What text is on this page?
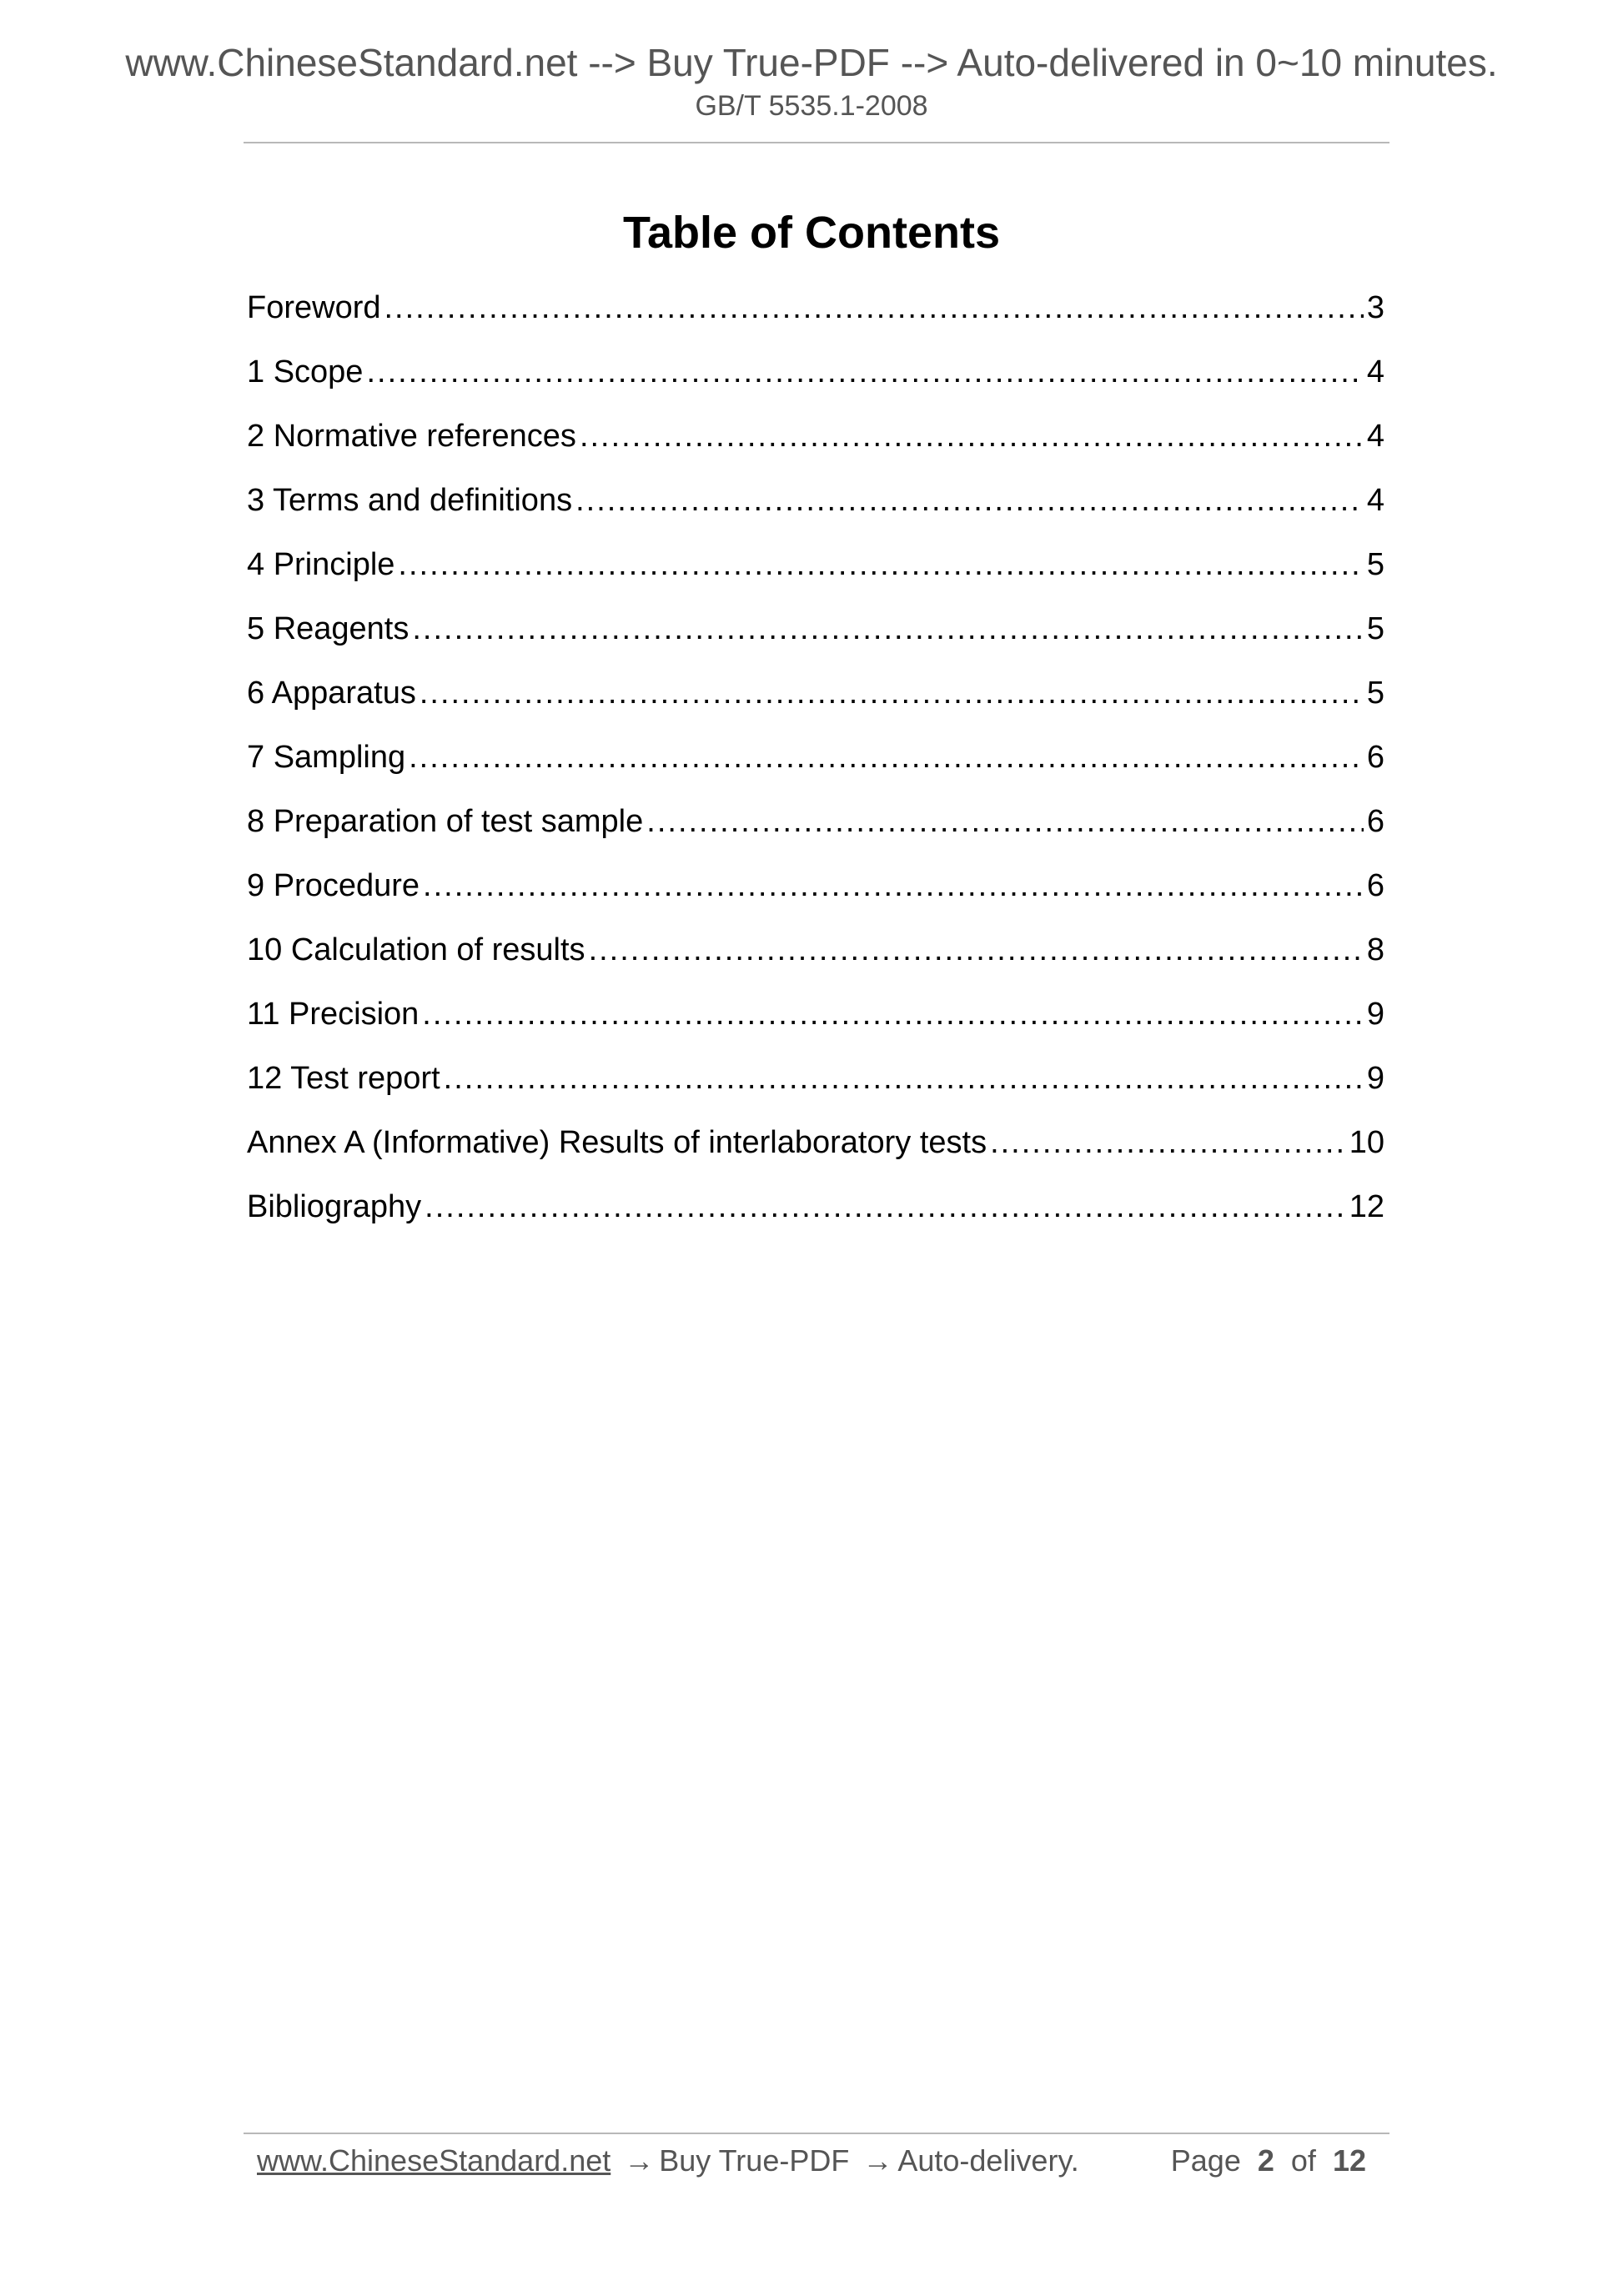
www.ChineseStandard.net --> Buy True-PDF --> Auto-delivered in 0~10 minutes.
GB/T 5535.1-2008
Table of Contents
Foreword .....	3
1 Scope .....	4
2 Normative references .....	4
3 Terms and definitions .....	4
4 Principle .....	5
5 Reagents .....	5
6 Apparatus .....	5
7 Sampling .....	6
8 Preparation of test sample .....	6
9 Procedure .....	6
10 Calculation of results .....	8
11 Precision .....	9
12 Test report .....	9
Annex A (Informative) Results of interlaboratory tests .....	10
Bibliography .....	12
www.ChineseStandard.net → Buy True-PDF → Auto-delivery.	Page 2 of 12
